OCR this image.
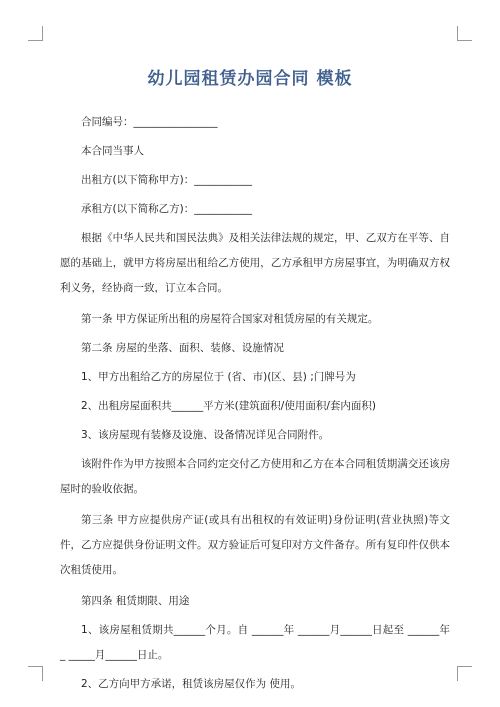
幼儿园租赁办园合同 模板

合同编号：________________

本合同当事人

出租方(以下简称甲方)：___________

承租方(以下简称乙方)：___________

根据《中华人民共和国民法典》及相关法律法规的规定，甲、乙双方在平等、自愿的基础上，就甲方将房屋出租给乙方使用，乙方承租甲方房屋事宜，为明确双方权利义务，经协商一致，订立本合同。

第一条 甲方保证所出租的房屋符合国家对租赁房屋的有关规定。

第二条 房屋的坐落、面积、装修、设施情况

1、甲方出租给乙方的房屋位于 (省、市)(区、县) ;门牌号为

2、出租房屋面积共______平方米(建筑面积/使用面积/套内面积)

3、该房屋现有装修及设施、设备情况详见合同附件。

该附件作为甲方按照本合同约定交付乙方使用和乙方在本合同租赁期满交还该房屋时的验收依据。

第三条 甲方应提供房产证(或具有出租权的有效证明)身份证明(营业执照)等文件，乙方应提供身份证明文件。双方验证后可复印对方文件备存。所有复印件仅供本次租赁使用。

第四条 租赁期限、用途

1、该房屋租赁期共______个月。自 ______年 ______月______日起至 ______年 _ _____月______日止。

2、乙方向甲方承诺，租赁该房屋仅作为 使用。
